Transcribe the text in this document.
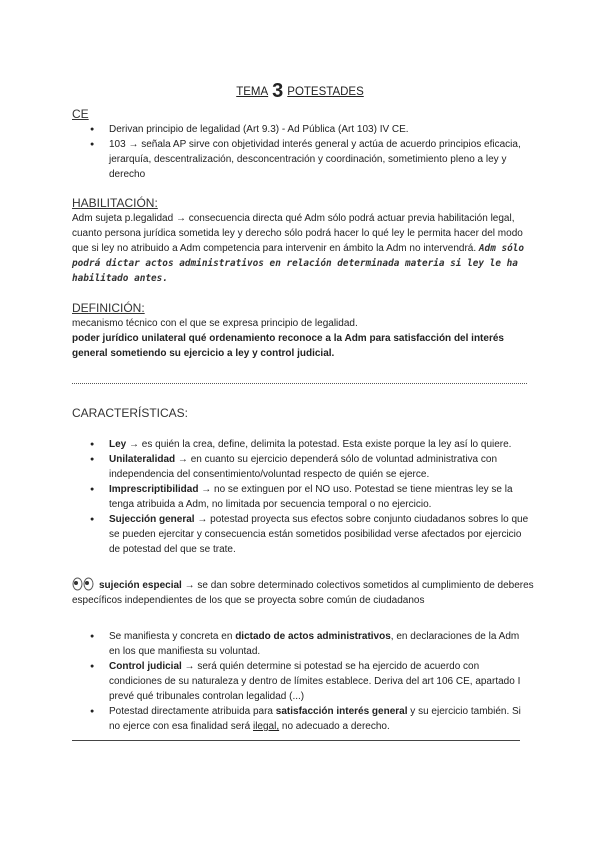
TEMA 3 POTESTADES
CE
● Derivan principio de legalidad (Art 9.3) - Ad Pública (Art 103) IV CE.
● 103 → señala AP sirve con objetividad interés general y actúa de acuerdo principios eficacia, jerarquía, descentralización, desconcentración y coordinación, sometimiento pleno a ley y derecho
HABILITACIÓN:
Adm sujeta p.legalidad → consecuencia directa qué Adm sólo podrá actuar previa habilitación legal, cuanto persona jurídica sometida ley y derecho sólo podrá hacer lo qué ley le permita hacer del modo que si ley no atribuido a Adm competencia para intervenir en ámbito la Adm no intervendrá. Adm sólo podrá dictar actos administrativos en relación determinada materia si ley le ha habilitado antes.
DEFINICIÓN:
mecanismo técnico con el que se expresa principio de legalidad.
poder jurídico unilateral qué ordenamiento reconoce a la Adm para satisfacción del interés general sometiendo su ejercicio a ley y control judicial.
CARACTERÍSTICAS:
● Ley → es quién la crea, define, delimita la potestad. Esta existe porque la ley así lo quiere.
● Unilateralidad → en cuanto su ejercicio dependerá sólo de voluntad administrativa con independencia del consentimiento/voluntad respecto de quién se ejerce.
● Imprescriptibilidad → no se extinguen por el NO uso. Potestad se tiene mientras ley se la tenga atribuida a Adm, no limitada por secuencia temporal o no ejercicio.
● Sujección general → potestad proyecta sus efectos sobre conjunto ciudadanos sobres lo que se pueden ejercitar y consecuencia están sometidos posibilidad verse afectados por ejercicio de potestad del que se trate.
sujeción especial → se dan sobre determinado colectivos sometidos al cumplimiento de deberes específicos independientes de los que se proyecta sobre común de ciudadanos
● Se manifiesta y concreta en dictado de actos administrativos, en declaraciones de la Adm en los que manifiesta su voluntad.
● Control judicial → será quién determine si potestad se ha ejercido de acuerdo con condiciones de su naturaleza y dentro de límites establece. Deriva del art 106 CE, apartado I prevé qué tribunales controlan legalidad (...)
● Potestad directamente atribuida para satisfacción interés general y su ejercicio también. Si no ejerce con esa finalidad será ilegal, no adecuado a derecho.
